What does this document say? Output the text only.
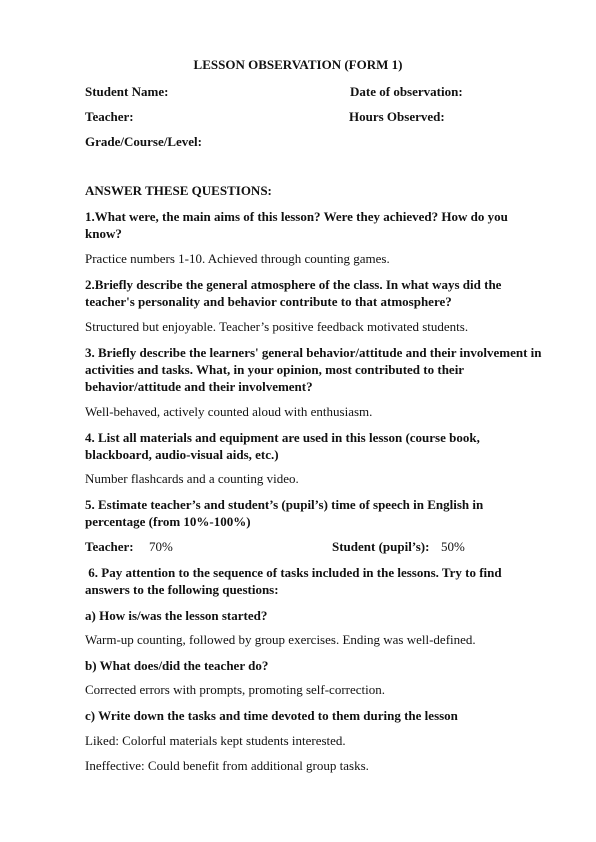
LESSON OBSERVATION (FORM 1)
Student Name:	Date of observation:
Teacher:	Hours Observed:
Grade/Course/Level:
ANSWER THESE QUESTIONS:
1.What were, the main aims of this lesson? Were they achieved? How do you know?
Practice numbers 1-10. Achieved through counting games.
2.Briefly describe the general atmosphere of the class. In what ways did the teacher's personality and behavior contribute to that atmosphere?
Structured but enjoyable. Teacher’s positive feedback motivated students.
3. Briefly describe the learners' general behavior/attitude and their involvement in activities and tasks. What, in your opinion, most contributed to their behavior/attitude and their involvement?
Well-behaved, actively counted aloud with enthusiasm.
4. List all materials and equipment are used in this lesson (course book, blackboard, audio-visual aids, etc.)
Number flashcards and a counting video.
5. Estimate teacher’s and student’s (pupil’s) time of speech in English in percentage (from 10%-100%)
Teacher: 70%	Student (pupil’s): 50%
6. Pay attention to the sequence of tasks included in the lessons. Try to find answers to the following questions:
a) How is/was the lesson started?
Warm-up counting, followed by group exercises. Ending was well-defined.
b) What does/did the teacher do?
Corrected errors with prompts, promoting self-correction.
c) Write down the tasks and time devoted to them during the lesson
Liked: Colorful materials kept students interested.
Ineffective: Could benefit from additional group tasks.
